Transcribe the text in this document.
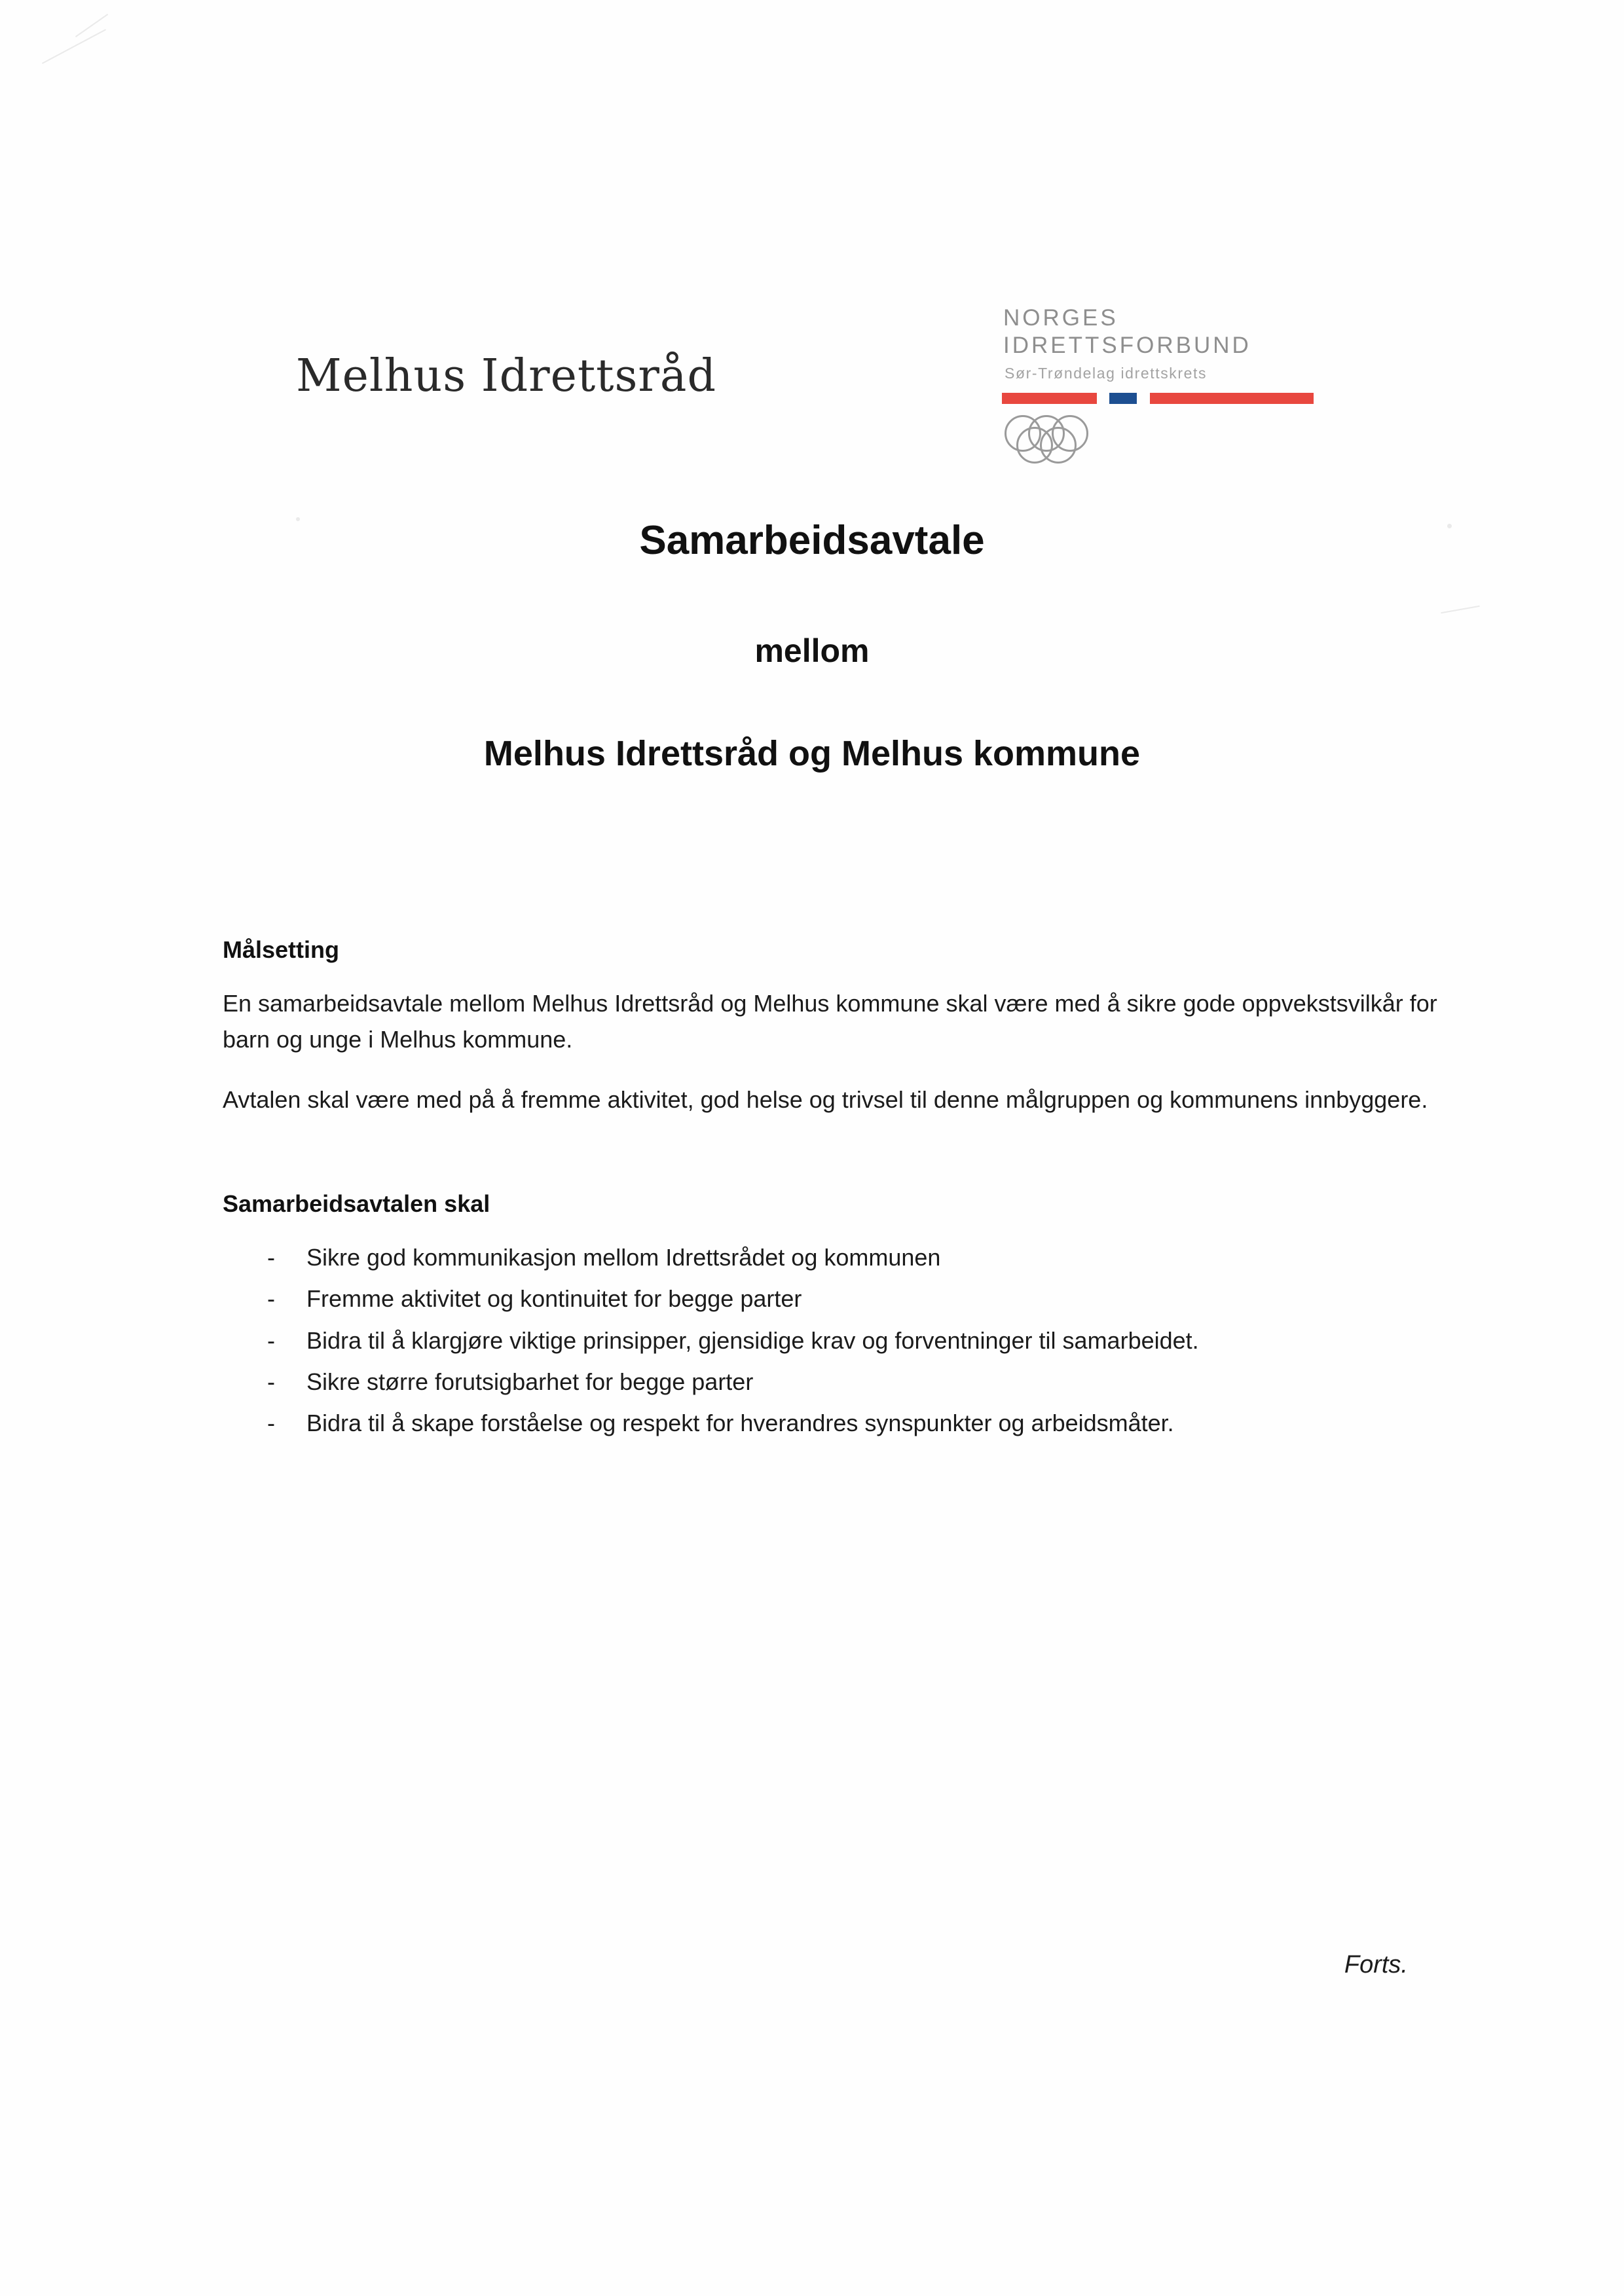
Melhus Idrettsråd
NORGES
IDRETTSFORBUND
Sør-Trøndelag idrettskrets
Samarbeidsavtale
mellom
Melhus Idrettsråd og Melhus kommune
Målsetting

En samarbeidsavtale mellom Melhus Idrettsråd og Melhus kommune skal være med å sikre gode oppvekstsvilkår for barn og unge i Melhus kommune.

Avtalen skal være med på å fremme aktivitet, god helse og trivsel til denne målgruppen og kommunens innbyggere.

Samarbeidsavtalen skal
- Sikre god kommunikasjon mellom Idrettsrådet og kommunen
- Fremme aktivitet og kontinuitet for begge parter
- Bidra til å klargjøre viktige prinsipper, gjensidige krav og forventninger til samarbeidet.
- Sikre større forutsigbarhet for begge parter
- Bidra til å skape forståelse og respekt for hverandres synspunkter og arbeidsmåter.
Forts.
